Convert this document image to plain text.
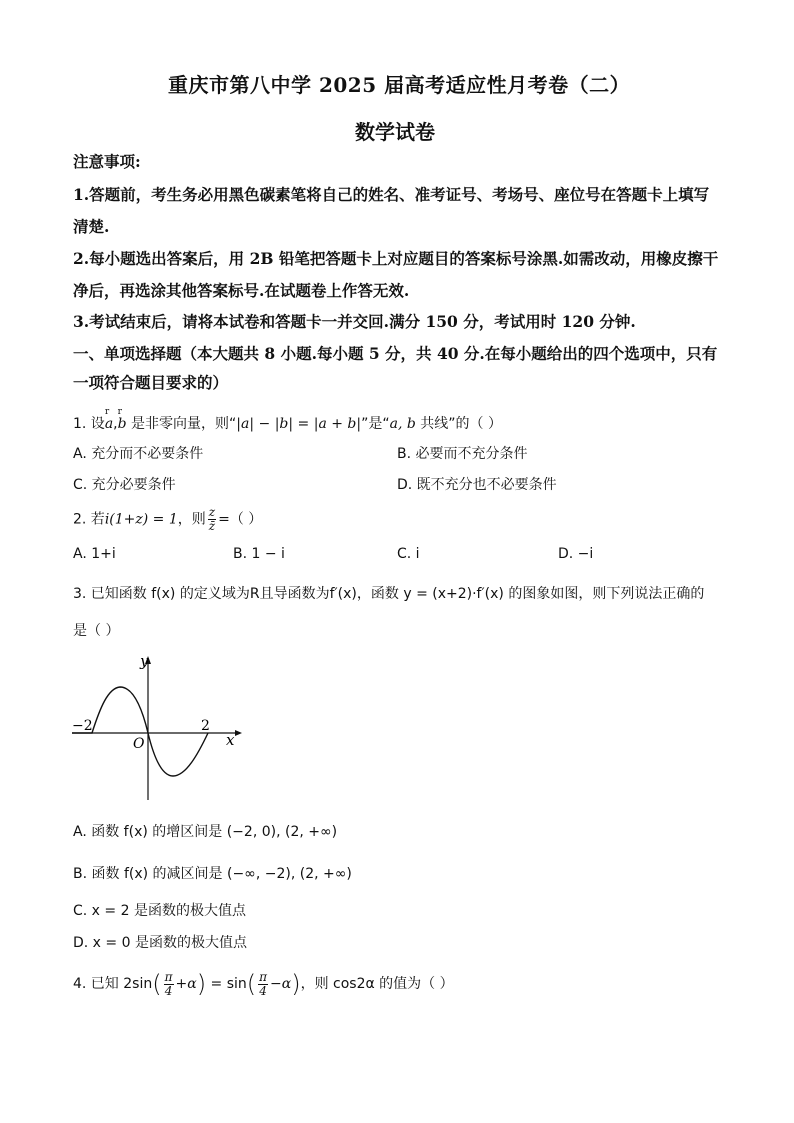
重庆市第八中学 2025 届高考适应性月考卷（二）
数学试卷
注意事项:
1.答题前，考生务必用黑色碳素笔将自己的姓名、准考证号、考场号、座位号在答题卡上填写
清楚.
2.每小题选出答案后，用 2B 铅笔把答题卡上对应题目的答案标号涂黑.如需改动，用橡皮擦干
净后，再选涂其他答案标号.在试题卷上作答无效.
3.考试结束后，请将本试卷和答题卡一并交回.满分 150 分，考试用时 120 分钟.
一、单项选择题（本大题共 8 小题.每小题 5 分，共 40 分.在每小题给出的四个选项中，只有
一项符合题目要求的）
1. 设a
r
,b
r
是非零向量，则“|a| − |b| = |a + b|”是“a, b 共线”的（ ）
A. 充分而不必要条件	B. 必要而不充分条件
C. 充分必要条件	D. 既不充分也不必要条件
2. 若i(1+z) = 1，则 $\frac{z}{z̄}$ =（ ）
A. 1+i	B. 1 − i	C. i	D. −i
3. 已知函数 f(x) 的定义域为R且导函数为f′(x)，函数 y = (x+2)·f′(x) 的图象如图，则下列说法正确的
是（ ）
y
x
O
−2	2
A. 函数 f(x) 的增区间是 (−2, 0), (2, +∞)
B. 函数 f(x) 的减区间是 (−∞, −2), (2, +∞)
C. x = 2 是函数的极大值点
D. x = 0 是函数的极大值点
4. 已知 $2\sin( \frac{\pi}{4} +\alpha) = \sin( \frac{\pi}{4} -\alpha)$，则 cos2α 的值为（ ）
